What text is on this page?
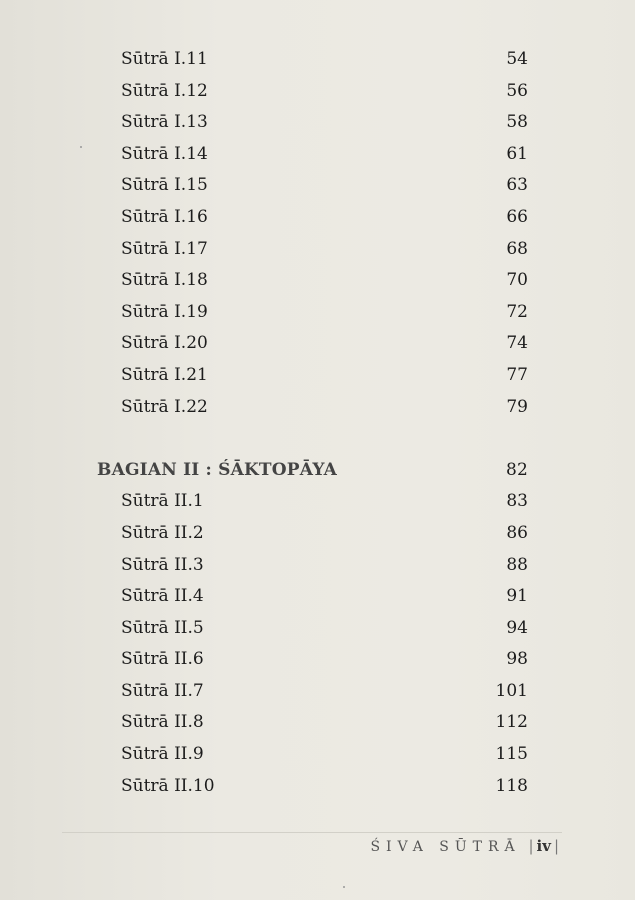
Sūtrā I.11	54
Sūtrā I.12	56
Sūtrā I.13	58
Sūtrā I.14	61
Sūtrā I.15	63
Sūtrā I.16	66
Sūtrā I.17	68
Sūtrā I.18	70
Sūtrā I.19	72
Sūtrā I.20	74
Sūtrā I.21	77
Sūtrā I.22	79
BAGIAN II : ŚĀKTOPĀYA	82
Sūtrā II.1	83
Sūtrā II.2	86
Sūtrā II.3	88
Sūtrā II.4	91
Sūtrā II.5	94
Sūtrā II.6	98
Sūtrā II.7	101
Sūtrā II.8	112
Sūtrā II.9	115
Sūtrā II.10	118
ŚIVA SŪTRĀ | iv |
